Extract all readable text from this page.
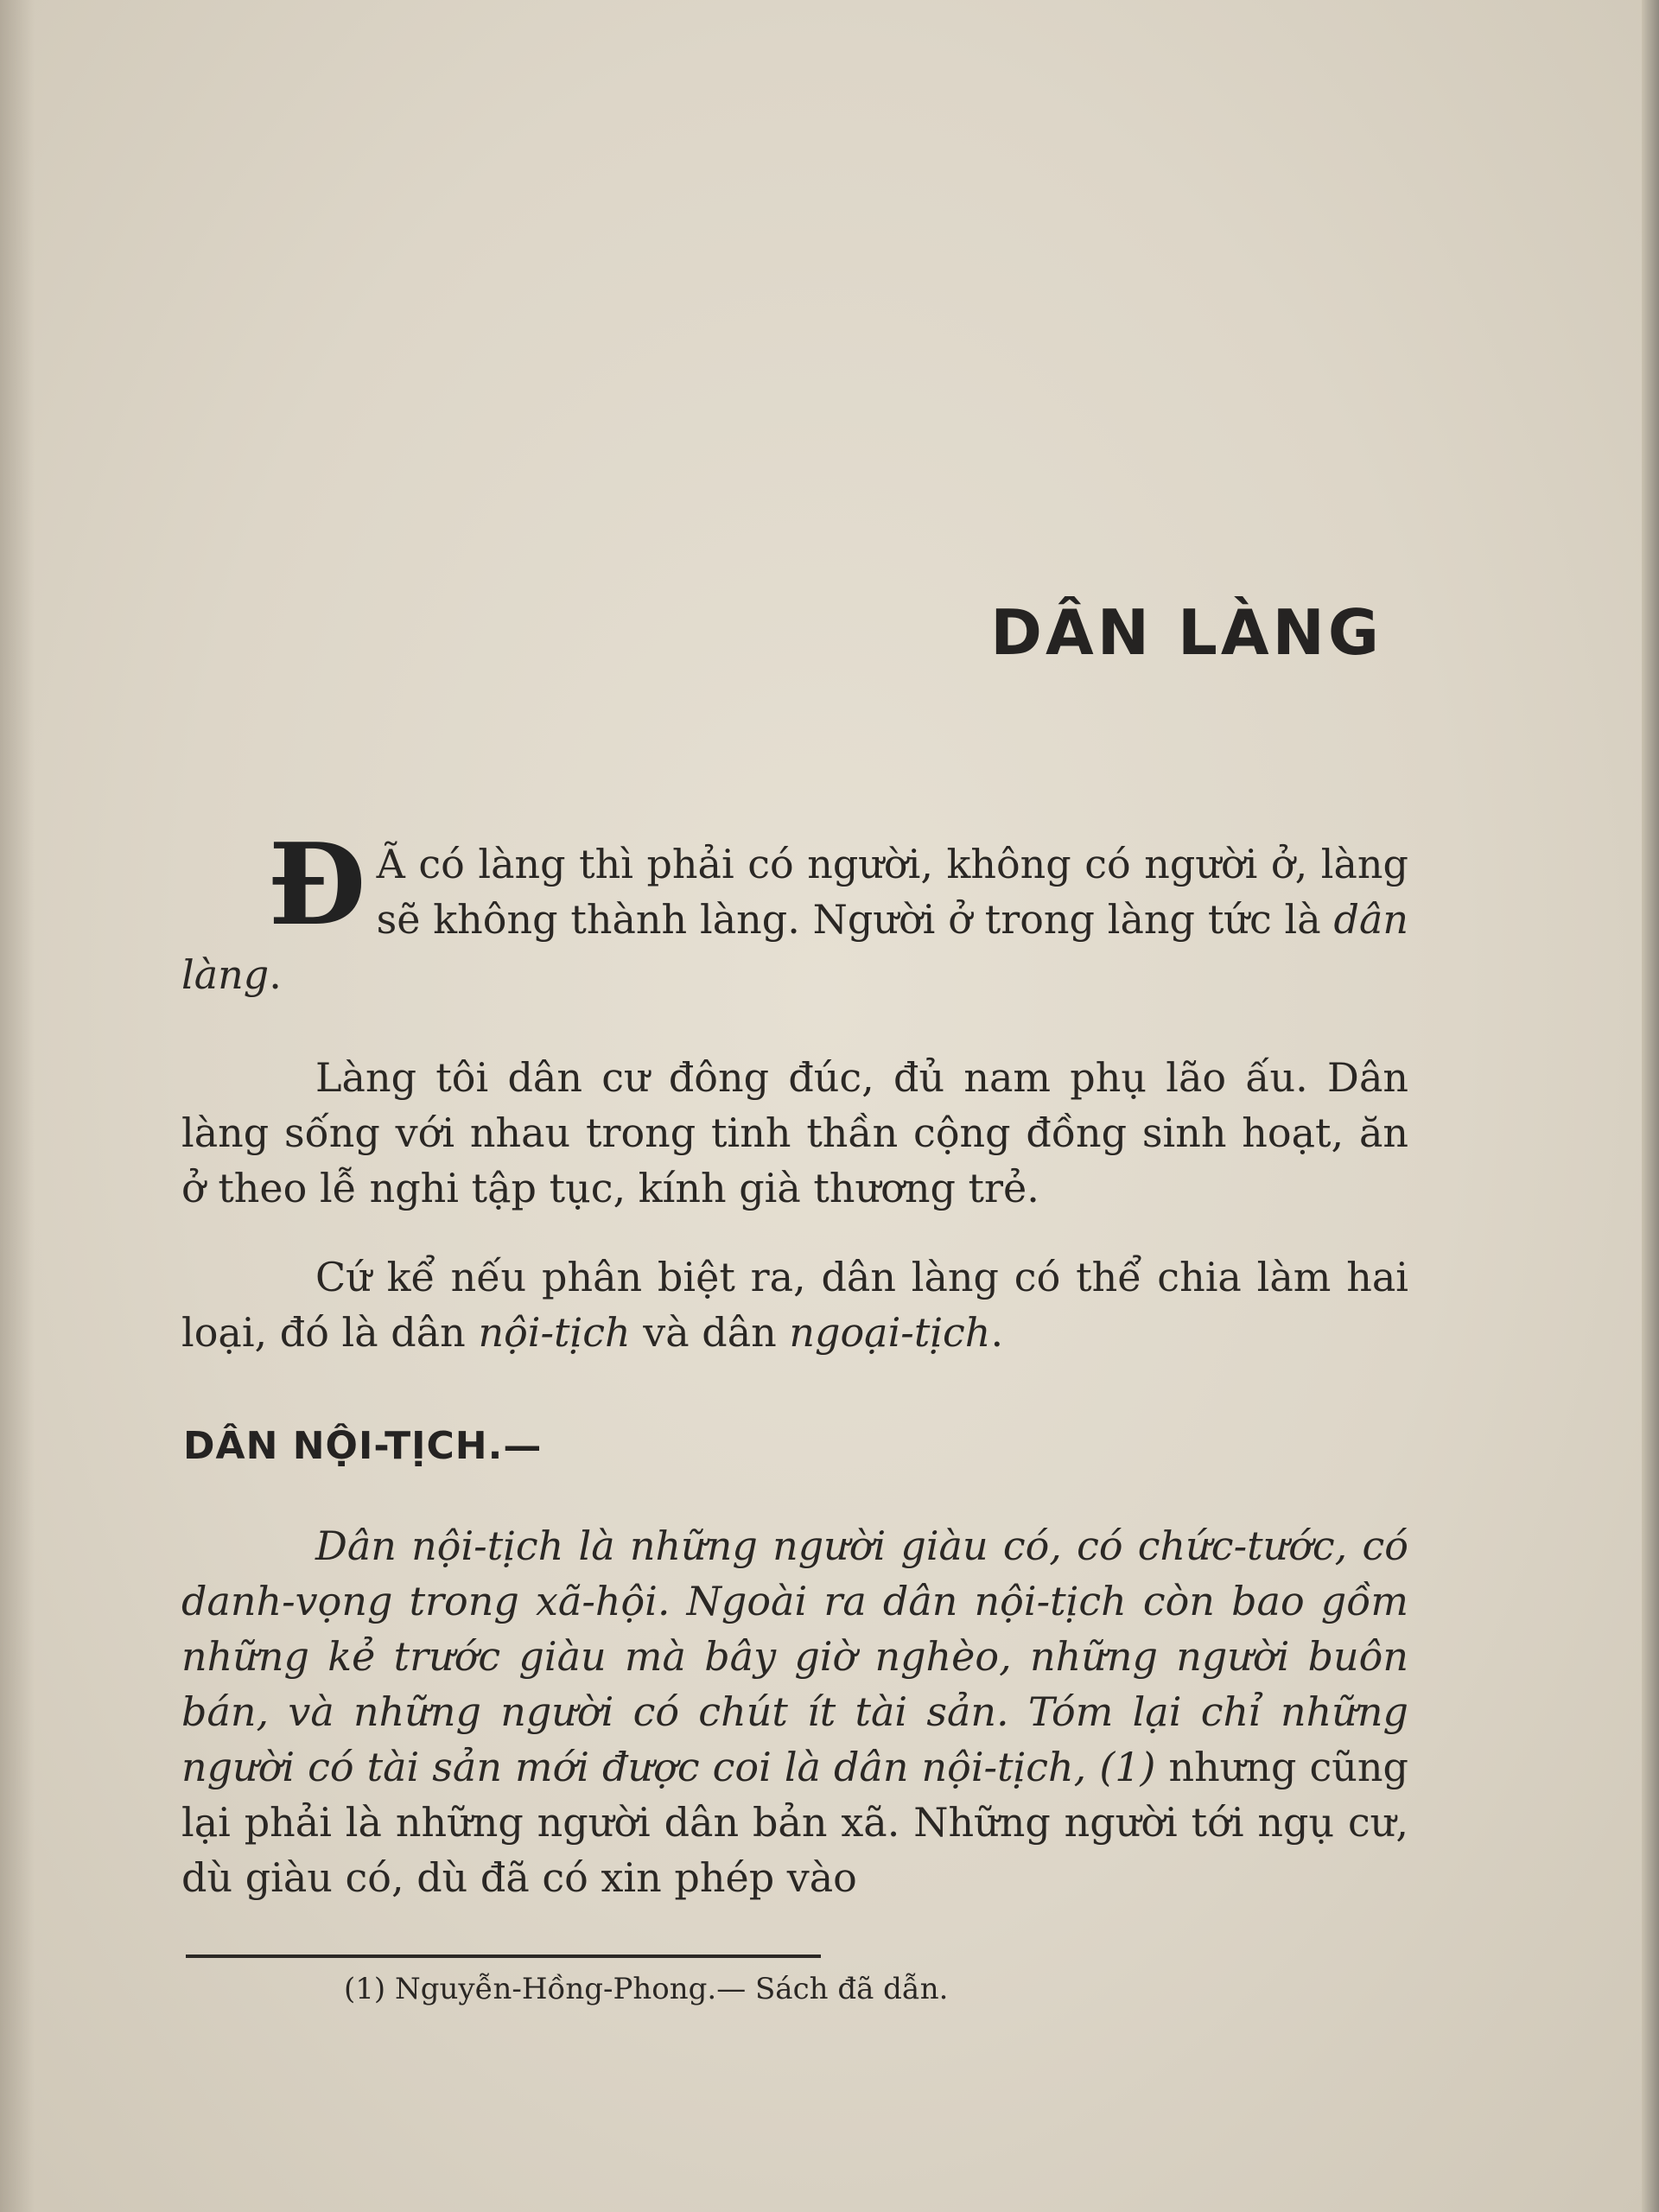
DÂN LÀNG
Đ Ã có làng thì phải có người, không có người ở, làng sẽ không thành làng. Người ở trong làng tức là dân làng.

Làng tôi dân cư đông đúc, đủ nam phụ lão ấu. Dân làng sống với nhau trong tinh thần cộng đồng sinh hoạt, ăn ở theo lễ nghi tập tục, kính già thương trẻ.

Cứ kể nếu phân biệt ra, dân làng có thể chia làm hai loại, đó là dân nội-tịch và dân ngoại-tịch.

DÂN NỘI-TỊCH.—

Dân nội-tịch là những người giàu có, có chức-tước, có danh-vọng trong xã-hội. Ngoài ra dân nội-tịch còn bao gồm những kẻ trước giàu mà bây giờ nghèo, những người buôn bán, và những người có chút ít tài sản. Tóm lại chỉ những người có tài sản mới được coi là dân nội-tịch, (1) nhưng cũng lại phải là những người dân bản xã. Những người tới ngụ cư, dù giàu có, dù đã có xin phép vào

(1) Nguyễn-Hồng-Phong.— Sách đã dẫn.
